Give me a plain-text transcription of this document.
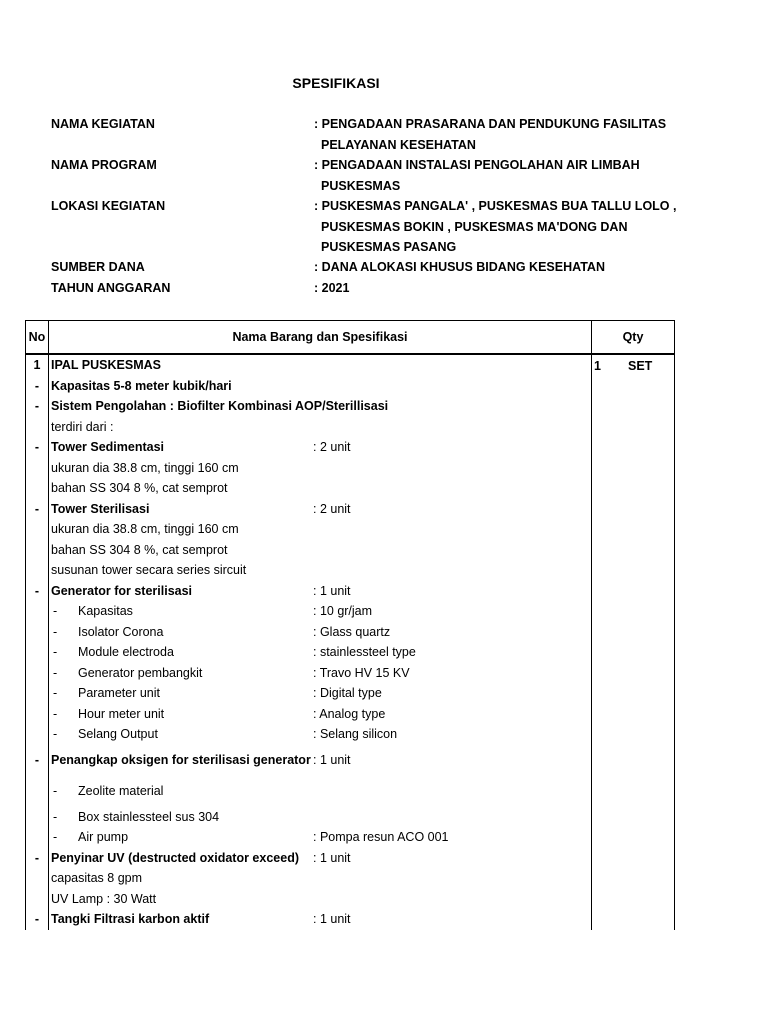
SPESIFIKASI
NAMA KEGIATAN	: PENGADAAN PRASARANA DAN PENDUKUNG FASILITAS
PELAYANAN KESEHATAN
NAMA PROGRAM	: PENGADAAN INSTALASI PENGOLAHAN AIR LIMBAH
PUSKESMAS
LOKASI KEGIATAN	: PUSKESMAS PANGALA' , PUSKESMAS BUA TALLU LOLO ,
PUSKESMAS BOKIN , PUSKESMAS MA'DONG DAN
PUSKESMAS PASANG
SUMBER DANA	: DANA ALOKASI KHUSUS BIDANG KESEHATAN
TAHUN ANGGARAN	: 2021
No	Nama Barang dan Spesifikasi	Qty
1	IPAL PUSKESMAS	1 SET

-	Kapasitas 5-8 meter kubik/hari	

-	Sistem Pengolahan : Biofilter Kombinasi AOP/Sterillisasi	

	terdiri dari :	

-	Tower Sedimentasi : 2 unit	

	ukuran dia 38.8 cm, tinggi 160 cm	

	bahan SS 304 8 %, cat semprot	

-	Tower Sterilisasi : 2 unit	

	ukuran dia 38.8 cm, tinggi 160 cm	

	bahan SS 304 8 %, cat semprot	

	susunan tower secara series sircuit	

-	Generator for sterilisasi : 1 unit	

	- Kapasitas : 10 gr/jam	

	- Isolator Corona : Glass quartz	

	- Module electroda : stainlessteel type	

	- Generator pembangkit : Travo HV 15 KV	

	- Parameter unit : Digital type	

	- Hour meter unit : Analog type	

	- Selang Output : Selang silicon	

-	Penangkap oksigen for sterilisasi generator : 1 unit	

	- Zeolite material	

	- Box stainlessteel sus 304	

	- Air pump : Pompa resun ACO 001	

-	Penyinar UV (destructed oxidator exceed) : 1 unit	

	capasitas 8 gpm	

	UV Lamp : 30 Watt	

-	Tangki Filtrasi karbon aktif : 1 unit	
